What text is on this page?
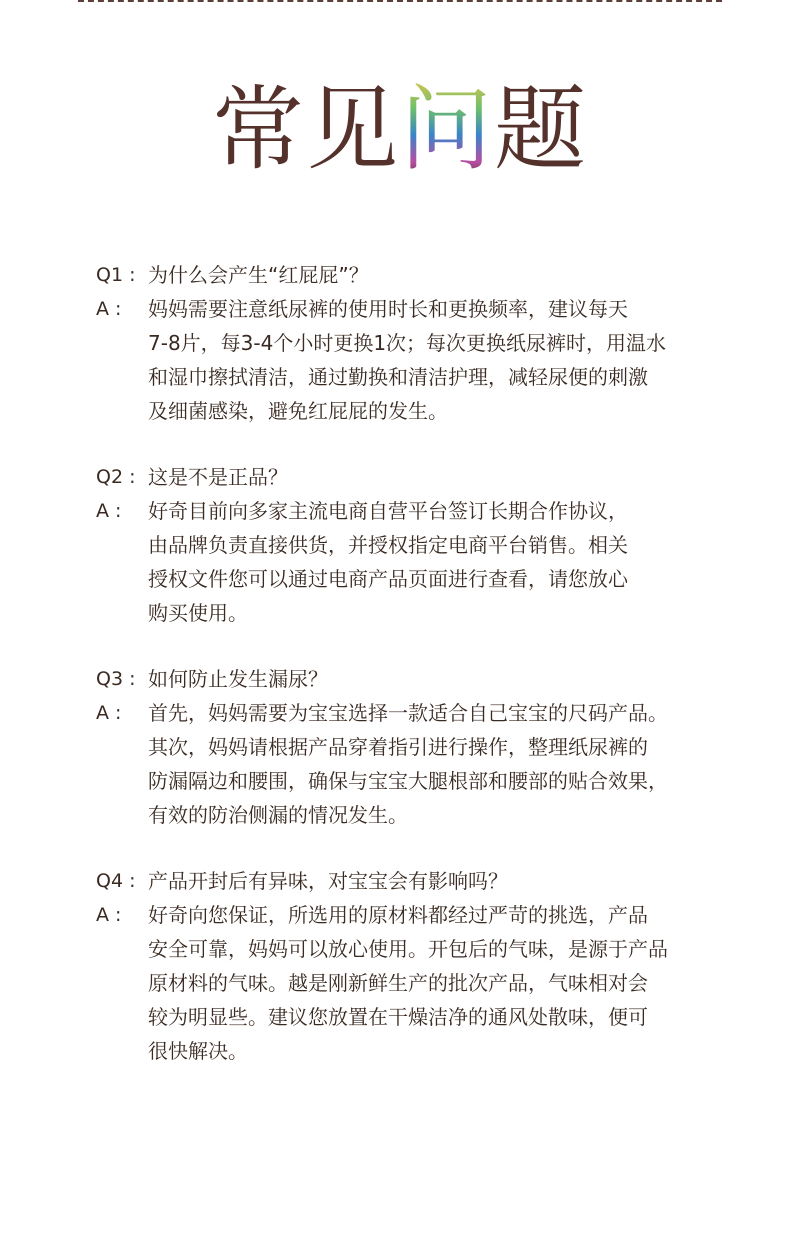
常见问题
Q1 : 为什么会产生“红屁屁”？
A :	妈妈需要注意纸尿裤的使用时长和更换频率，建议每天
7-8片，每3-4个小时更换1次；每次更换纸尿裤时，用温水
和湿巾擦拭清洁，通过勤换和清洁护理，减轻尿便的刺激
及细菌感染，避免红屁屁的发生。
Q2 : 这是不是正品？
A :	好奇目前向多家主流电商自营平台签订长期合作协议，
由品牌负责直接供货，并授权指定电商平台销售。相关
授权文件您可以通过电商产品页面进行查看，请您放心
购买使用。
Q3 : 如何防止发生漏尿？
A :	首先，妈妈需要为宝宝选择一款适合自己宝宝的尺码产品。
其次，妈妈请根据产品穿着指引进行操作，整理纸尿裤的
防漏隔边和腰围，确保与宝宝大腿根部和腰部的贴合效果，
有效的防治侧漏的情况发生。
Q4 : 产品开封后有异味，对宝宝会有影响吗？
A :	好奇向您保证，所选用的原材料都经过严苛的挑选，产品
安全可靠，妈妈可以放心使用。开包后的气味，是源于产品
原材料的气味。越是刚新鲜生产的批次产品，气味相对会
较为明显些。建议您放置在干燥洁净的通风处散味，便可
很快解决。
